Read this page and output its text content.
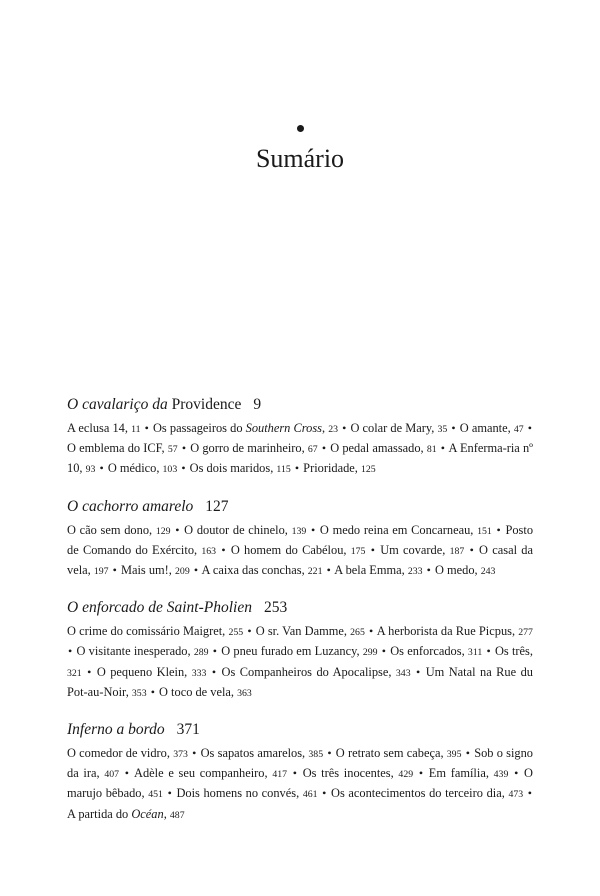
Sumário
O cavalariço da Providence 9
A eclusa 14, 11 • Os passageiros do Southern Cross, 23 • O colar de Mary, 35 • O amante, 47 • O emblema do ICF, 57 • O gorro de marinheiro, 67 • O pedal amassado, 81 • A Enferma-ria nº 10, 93 • O médico, 103 • Os dois maridos, 115 • Prioridade, 125
O cachorro amarelo 127
O cão sem dono, 129 • O doutor de chinelo, 139 • O medo reina em Concarneau, 151 • Posto de Comando do Exército, 163 • O homem do Cabélou, 175 • Um covarde, 187 • O casal da vela, 197 • Mais um!, 209 • A caixa das conchas, 221 • A bela Emma, 233 • O medo, 243
O enforcado de Saint-Pholien 253
O crime do comissário Maigret, 255 • O sr. Van Damme, 265 • A herborista da Rue Picpus, 277 • O visitante inesperado, 289 • O pneu furado em Luzancy, 299 • Os enforcados, 311 • Os três, 321 • O pequeno Klein, 333 • Os Companheiros do Apocalipse, 343 • Um Natal na Rue du Pot-au-Noir, 353 • O toco de vela, 363
Inferno a bordo 371
O comedor de vidro, 373 • Os sapatos amarelos, 385 • O retrato sem cabeça, 395 • Sob o signo da ira, 407 • Adèle e seu companheiro, 417 • Os três inocentes, 429 • Em família, 439 • O marujo bêbado, 451 • Dois homens no convés, 461 • Os acontecimentos do terceiro dia, 473 • A partida do Océan, 487
